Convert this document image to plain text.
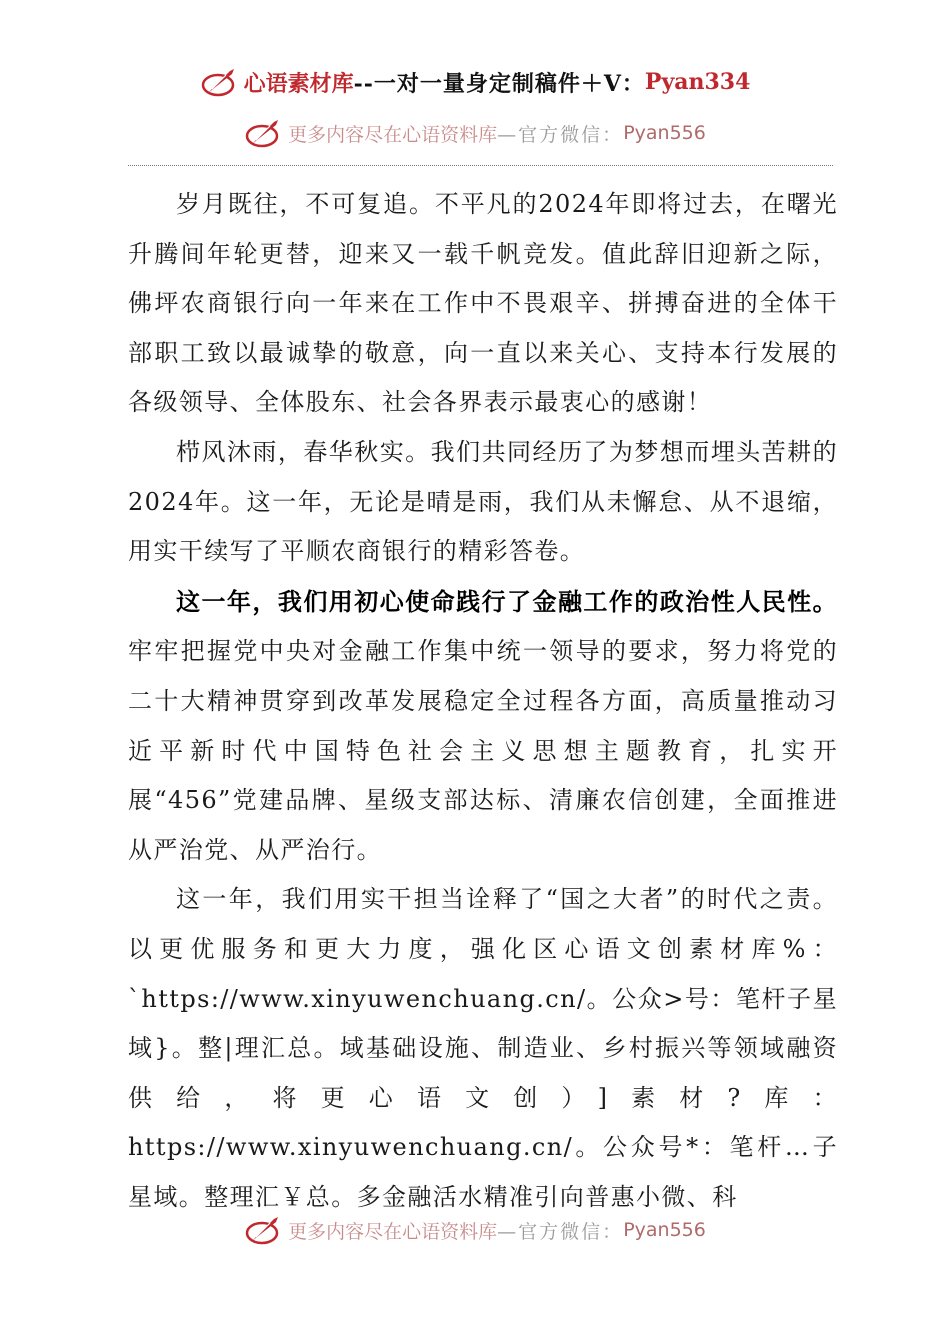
心语素材库 --一对一量身定制稿件＋V： Pyan334
更多内容尽在心语资料库 —官方微信： Pyan556

岁月既往，不可复追。不平凡的2024年即将过去，在曙光升腾间年轮更替，迎来又一载千帆竞发。值此辞旧迎新之际，佛坪农商银行向一年来在工作中不畏艰辛、拼搏奋进的全体干部职工致以最诚挚的敬意，向一直以来关心、支持本行发展的各级领导、全体股东、社会各界表示最衷心的感谢！

栉风沐雨，春华秋实。我们共同经历了为梦想而埋头苦耕的2024年。这一年，无论是晴是雨，我们从未懈怠、从不退缩，用实干续写了平顺农商银行的精彩答卷。

这一年，我们用初心使命践行了金融工作的政治性人民性。牢牢把握党中央对金融工作集中统一领导的要求，努力将党的二十大精神贯穿到改革发展稳定全过程各方面，高质量推动习近平新时代中国特色社会主义思想主题教育，扎实开展“456”党建品牌、星级支部达标、清廉农信创建，全面推进从严治党、从严治行。

这一年，我们用实干担当诠释了“国之大者”的时代之责。以更优服务和更大力度，强化区心语文创素材库%：`https://www.xinyuwenchuang.cn/。公众>号：笔杆子星域}。整|理汇总。域基础设施、制造业、乡村振兴等领域融资供给，将更心语文创）]素材?库：https://www.xinyuwenchuang.cn/。公众号*：笔杆…子星域。整理汇￥总。多金融活水精准引向普惠小微、科

更多内容尽在心语资料库 —官方微信： Pyan556
